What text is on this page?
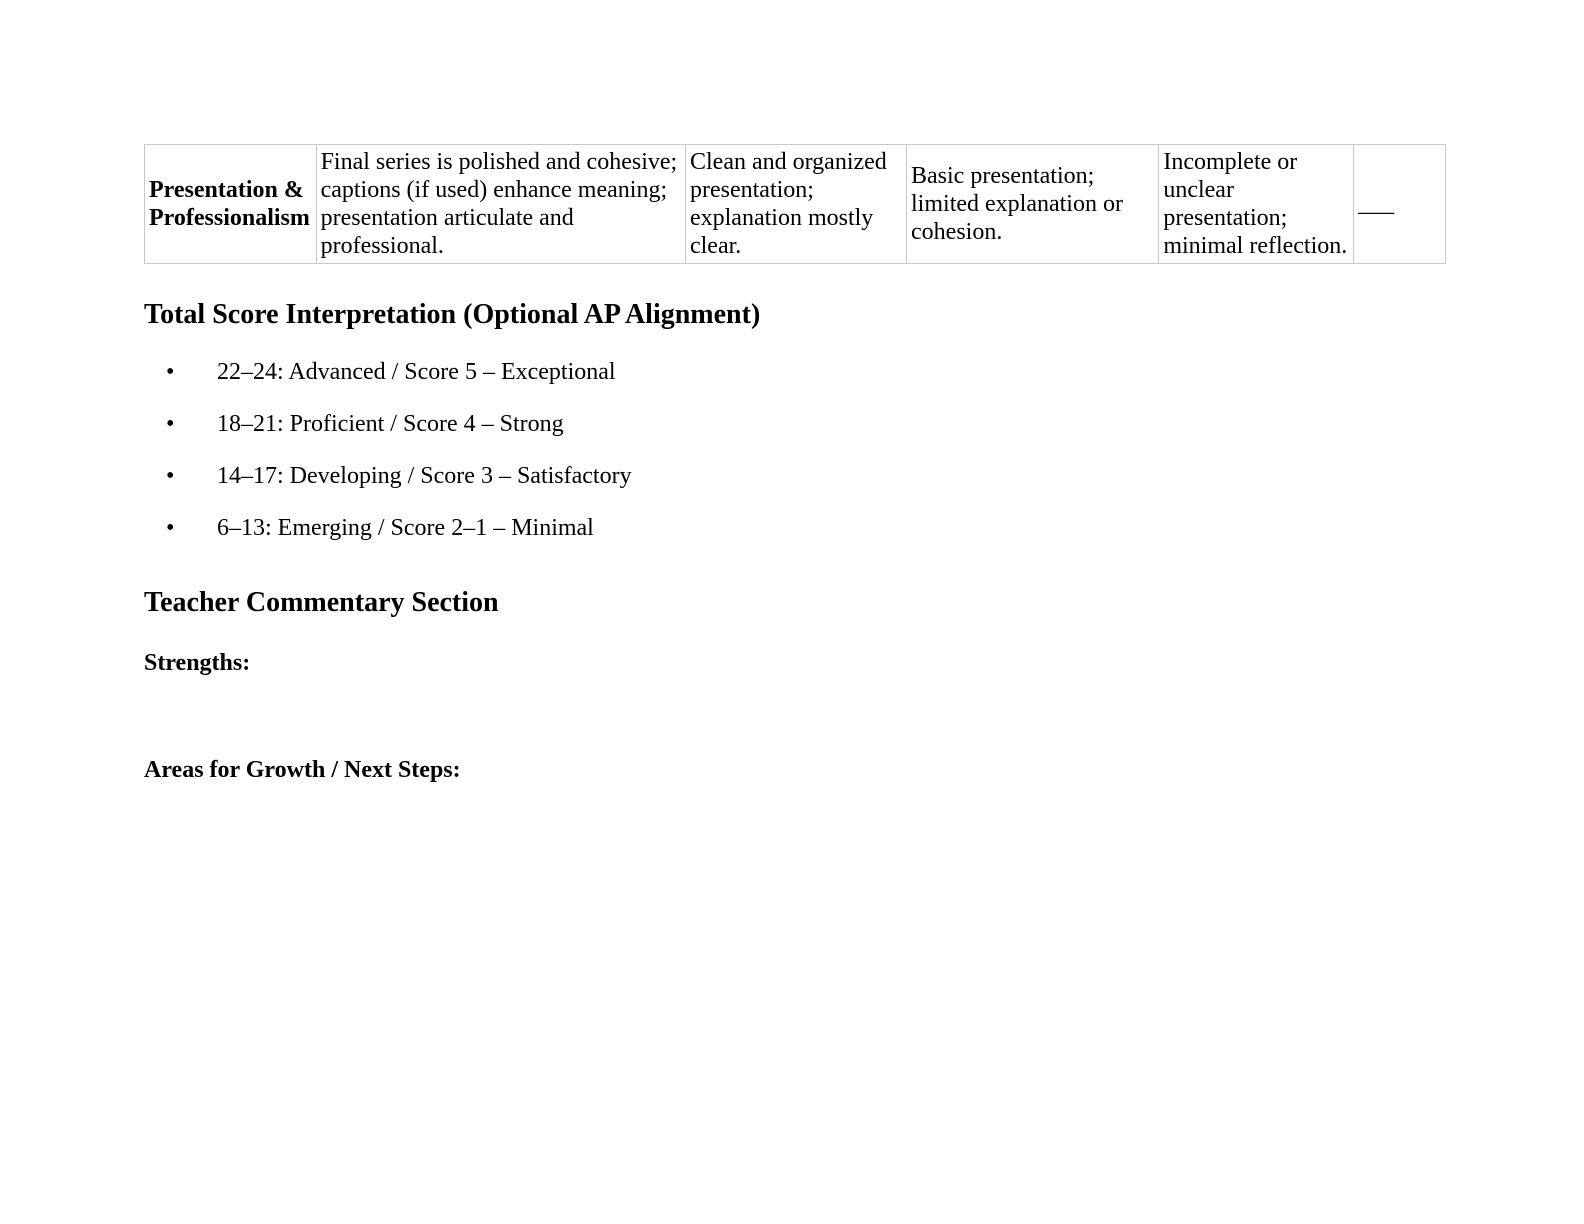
Presentation & Professionalism	Final series is polished and cohesive; captions (if used) enhance meaning; presentation articulate and professional.	Clean and organized presentation; explanation mostly clear.	Basic presentation; limited explanation or cohesion.	Incomplete or unclear presentation; minimal reflection.	___
Total Score Interpretation (Optional AP Alignment)
• 22–24: Advanced / Score 5 – Exceptional
• 18–21: Proficient / Score 4 – Strong
• 14–17: Developing / Score 3 – Satisfactory
• 6–13: Emerging / Score 2–1 – Minimal
Teacher Commentary Section

Strengths:

Areas for Growth / Next Steps:
